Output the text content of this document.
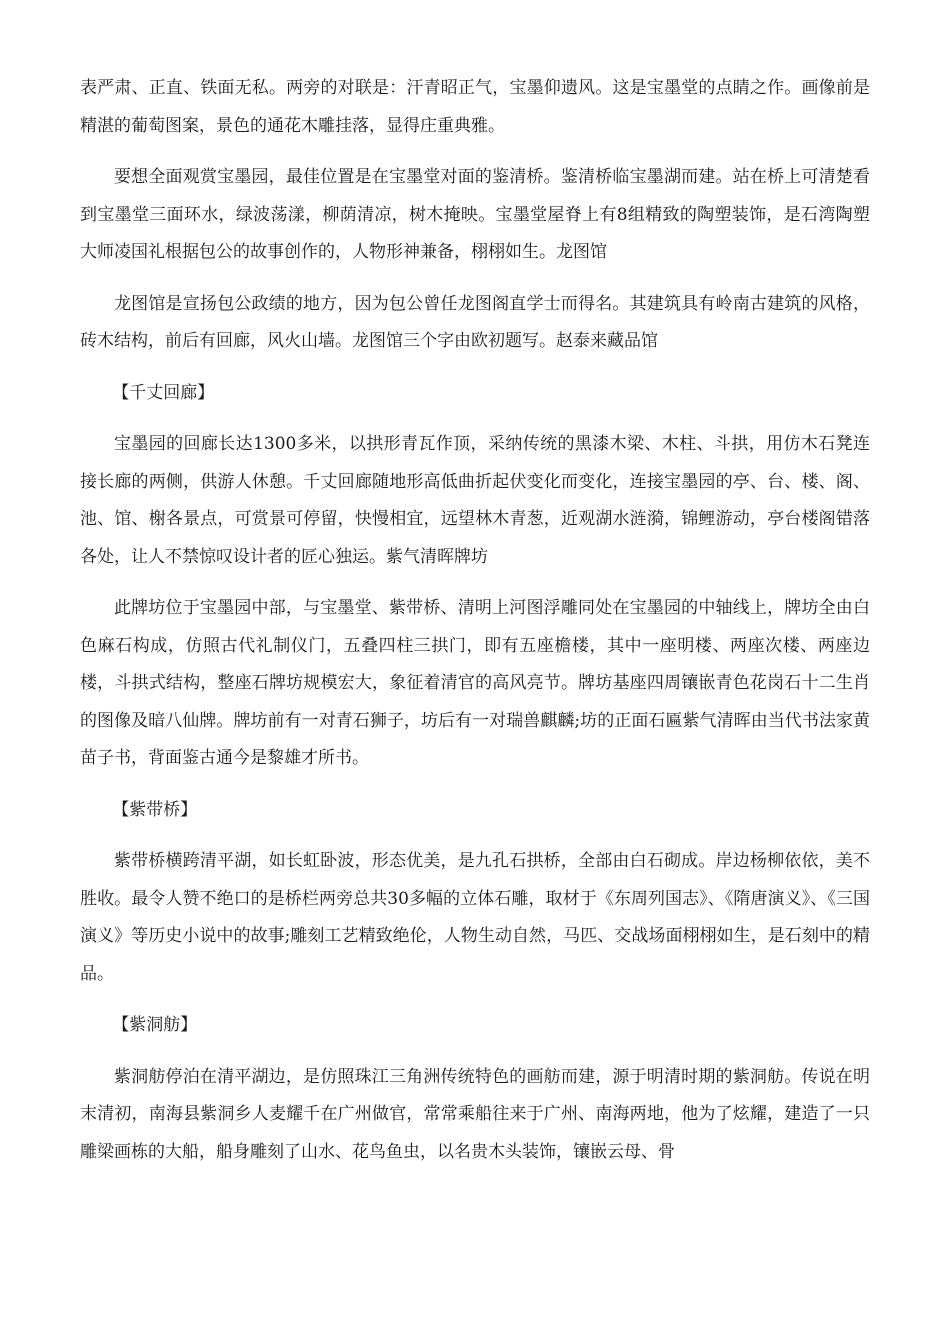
表严肃、正直、铁面无私。两旁的对联是：汗青昭正气，宝墨仰遗风。这是宝墨堂的点睛之作。画像前是精湛的葡萄图案，景色的通花木雕挂落，显得庄重典雅。

要想全面观赏宝墨园，最佳位置是在宝墨堂对面的鉴清桥。鉴清桥临宝墨湖而建。站在桥上可清楚看到宝墨堂三面环水，绿波荡漾，柳荫清凉，树木掩映。宝墨堂屋脊上有8组精致的陶塑装饰，是石湾陶塑大师凌国礼根据包公的故事创作的，人物形神兼备，栩栩如生。龙图馆

龙图馆是宣扬包公政绩的地方，因为包公曾任龙图阁直学士而得名。其建筑具有岭南古建筑的风格，砖木结构，前后有回廊，风火山墙。龙图馆三个字由欧初题写。赵泰来藏品馆

【千丈回廊】

宝墨园的回廊长达1300多米，以拱形青瓦作顶，采纳传统的黑漆木梁、木柱、斗拱，用仿木石凳连接长廊的两侧，供游人休憩。千丈回廊随地形高低曲折起伏变化而变化，连接宝墨园的亭、台、楼、阁、池、馆、榭各景点，可赏景可停留，快慢相宜，远望林木青葱，近观湖水涟漪，锦鲤游动，亭台楼阁错落各处，让人不禁惊叹设计者的匠心独运。紫气清晖牌坊

此牌坊位于宝墨园中部，与宝墨堂、紫带桥、清明上河图浮雕同处在宝墨园的中轴线上，牌坊全由白色麻石构成，仿照古代礼制仪门，五叠四柱三拱门，即有五座檐楼，其中一座明楼、两座次楼、两座边楼，斗拱式结构，整座石牌坊规模宏大，象征着清官的高风亮节。牌坊基座四周镶嵌青色花岗石十二生肖的图像及暗八仙牌。牌坊前有一对青石狮子，坊后有一对瑞兽麒麟;坊的正面石匾紫气清晖由当代书法家黄苗子书，背面鉴古通今是黎雄才所书。

【紫带桥】

紫带桥横跨清平湖，如长虹卧波，形态优美，是九孔石拱桥，全部由白石砌成。岸边杨柳依依，美不胜收。最令人赞不绝口的是桥栏两旁总共30多幅的立体石雕，取材于《东周列国志》、《隋唐演义》、《三国演义》等历史小说中的故事;雕刻工艺精致绝伦，人物生动自然，马匹、交战场面栩栩如生，是石刻中的精品。

【紫洞舫】

紫洞舫停泊在清平湖边，是仿照珠江三角洲传统特色的画舫而建，源于明清时期的紫洞舫。传说在明末清初，南海县紫洞乡人麦耀千在广州做官，常常乘船往来于广州、南海两地，他为了炫耀，建造了一只雕梁画栋的大船，船身雕刻了山水、花鸟鱼虫，以名贵木头装饰，镶嵌云母、骨
